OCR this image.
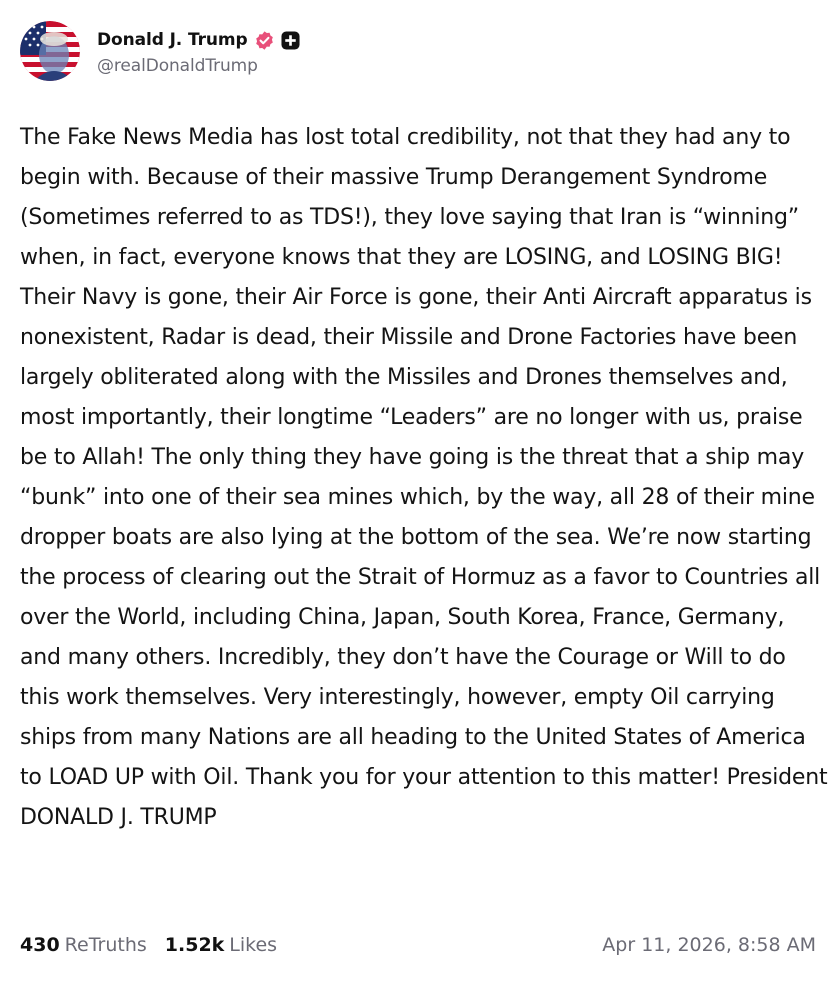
Donald J. Trump
@realDonaldTrump
The Fake News Media has lost total credibility, not that they had any to begin with. Because of their massive Trump Derangement Syndrome (Sometimes referred to as TDS!), they love saying that Iran is “winning” when, in fact, everyone knows that they are LOSING, and LOSING BIG! Their Navy is gone, their Air Force is gone, their Anti Aircraft apparatus is nonexistent, Radar is dead, their Missile and Drone Factories have been largely obliterated along with the Missiles and Drones themselves and, most importantly, their longtime “Leaders” are no longer with us, praise be to Allah! The only thing they have going is the threat that a ship may “bunk” into one of their sea mines which, by the way, all 28 of their mine dropper boats are also lying at the bottom of the sea. We’re now starting the process of clearing out the Strait of Hormuz as a favor to Countries all over the World, including China, Japan, South Korea, France, Germany, and many others. Incredibly, they don’t have the Courage or Will to do this work themselves. Very interestingly, however, empty Oil carrying ships from many Nations are all heading to the United States of America to LOAD UP with Oil. Thank you for your attention to this matter! President DONALD J. TRUMP
430 ReTruths 1.52k Likes	Apr 11, 2026, 8:58 AM
